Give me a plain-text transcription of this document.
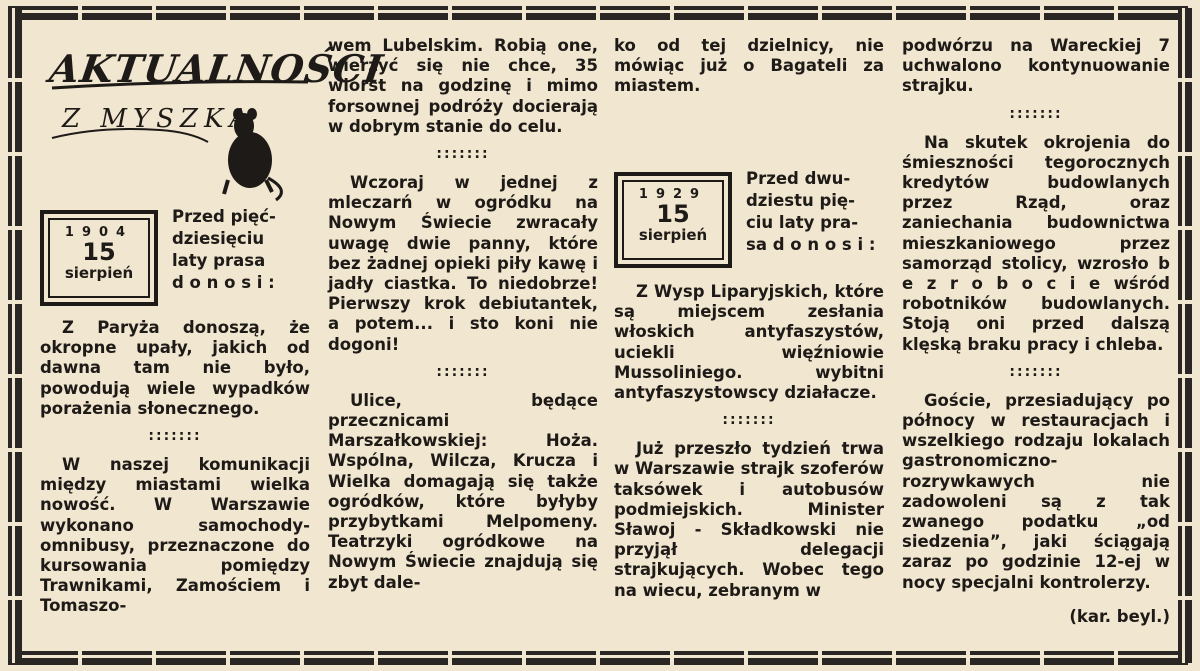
AKTUALNOŚCI
Z MYSZKĄ
1904
15
sierpień
Przed pięć-
dziesięciu
laty prasa
d o n o s i :

Z Paryża donoszą, że okropne upały, jakich od dawna tam nie było, powodują wiele wypadków porażenia słonecznego.

:::::::

W naszej komunikacji między miastami wielka nowość. W Warszawie wykonano samochody-omnibusy, przeznaczone do kursowania pomiędzy Trawnikami, Zamościem i Tomaszo-

wem Lubelskim. Robią one, wierzyć się nie chce, 35 wiorst na godzinę i mimo forsownej podróży docierają w dobrym stanie do celu.

:::::::

Wczoraj w jednej z mleczarń w ogródku na Nowym Świecie zwracały uwagę dwie panny, które bez żadnej opieki piły kawę i jadły ciastka. To niedobrze! Pierwszy krok debiutantek, a potem... i sto koni nie dogoni!

:::::::

Ulice, będące przecznicami Marszałkowskiej: Hoża. Wspólna, Wilcza, Krucza i Wielka domagają się także ogródków, które byłyby przybytkami Melpomeny. Teatrzyki ogródkowe na Nowym Świecie znajdują się zbyt dale-

ko od tej dzielnicy, nie mówiąc już o Bagateli za miastem.

1929
15
sierpień
Przed dwu-
dziestu pię-
ciu laty pra-
sa d o n o s i :

Z Wysp Liparyjskich, które są miejscem zesłania włoskich antyfaszystów, uciekli więźniowie Mussoliniego. wybitni antyfaszystowscy działacze.

:::::::

Już przeszło tydzień trwa w Warszawie strajk szoferów taksówek i autobusów podmiejskich. Minister Sławoj - Składkowski nie przyjął delegacji strajkujących. Wobec tego na wiecu, zebranym w

podwórzu na Wareckiej 7 uchwalono kontynuowanie strajku.

:::::::

Na skutek okrojenia do śmieszności tegorocznych kredytów budowlanych przez Rząd, oraz zaniechania budownictwa mieszkaniowego przez samorząd stolicy, wzrosło b e z r o b o c i e wśród robotników budowlanych. Stoją oni przed dalszą klęską braku pracy i chleba.

:::::::

Goście, przesiadujący po północy w restauracjach i wszelkiego rodzaju lokalach gastronomiczno-rozrywkawych nie zadowoleni są z tak zwanego podatku „od siedzenia”, jaki ściągają zaraz po godzinie 12-ej w nocy specjalni kontrolerzy.

(kar. beyl.)
